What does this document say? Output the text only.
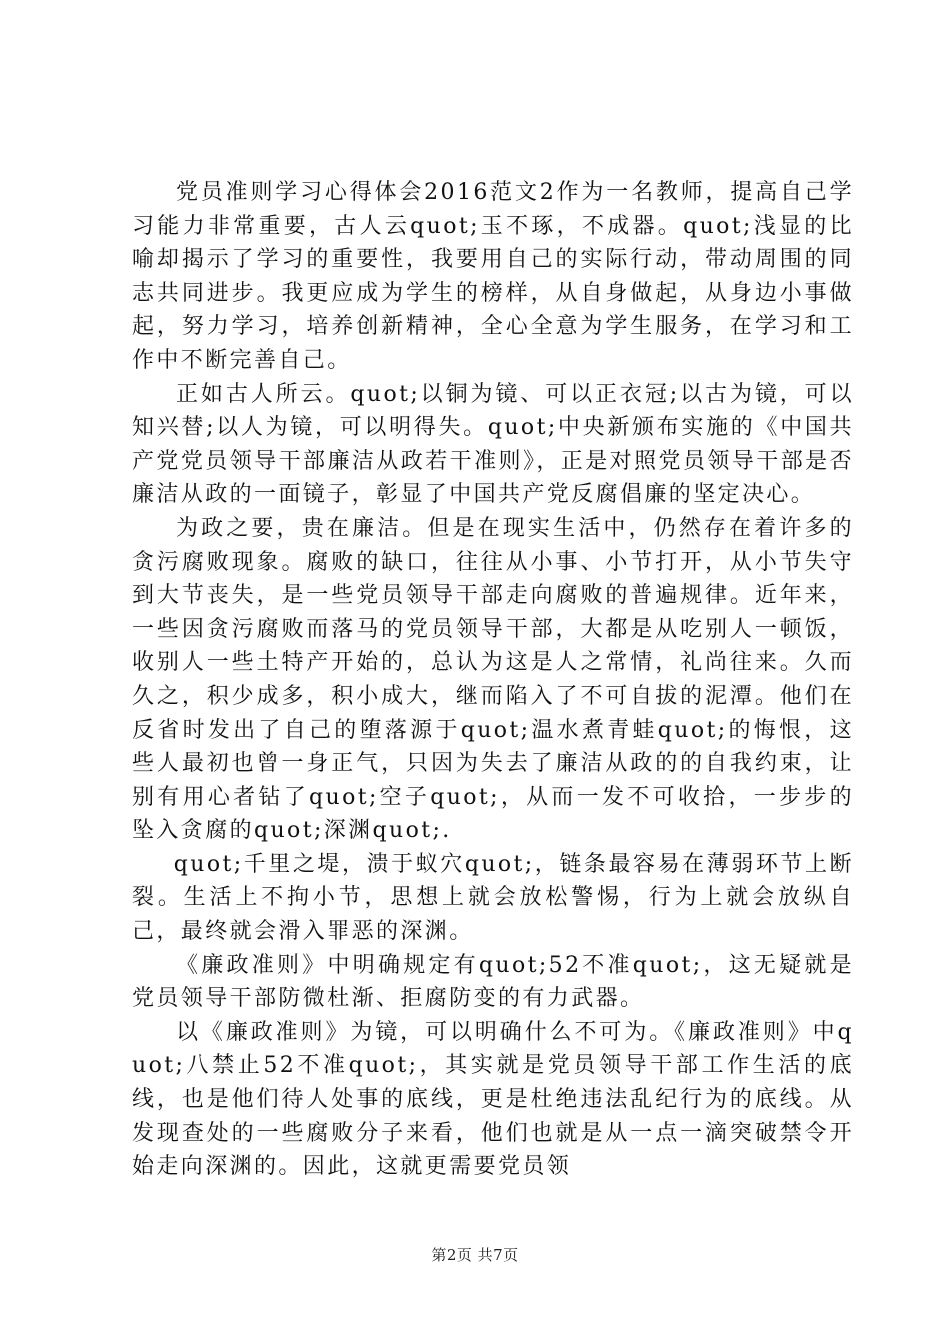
党员准则学习心得体会2016范文2作为一名教师，提高自己学习能力非常重要，古人云quot;玉不琢，不成器。quot;浅显的比喻却揭示了学习的重要性，我要用自己的实际行动，带动周围的同志共同进步。我更应成为学生的榜样，从自身做起，从身边小事做起，努力学习，培养创新精神，全心全意为学生服务，在学习和工作中不断完善自己。

正如古人所云。quot;以铜为镜、可以正衣冠;以古为镜，可以知兴替;以人为镜，可以明得失。quot;中央新颁布实施的《中国共产党党员领导干部廉洁从政若干准则》，正是对照党员领导干部是否廉洁从政的一面镜子，彰显了中国共产党反腐倡廉的坚定决心。

为政之要，贵在廉洁。但是在现实生活中，仍然存在着许多的贪污腐败现象。腐败的缺口，往往从小事、小节打开，从小节失守到大节丧失，是一些党员领导干部走向腐败的普遍规律。近年来，一些因贪污腐败而落马的党员领导干部，大都是从吃别人一顿饭，收别人一些土特产开始的，总认为这是人之常情，礼尚往来。久而久之，积少成多，积小成大，继而陷入了不可自拔的泥潭。他们在反省时发出了自己的堕落源于quot;温水煮青蛙quot;的悔恨，这些人最初也曾一身正气，只因为失去了廉洁从政的的自我约束，让别有用心者钻了quot;空子quot;，从而一发不可收拾，一步步的坠入贪腐的quot;深渊quot;.

quot;千里之堤，溃于蚁穴quot;，链条最容易在薄弱环节上断裂。生活上不拘小节，思想上就会放松警惕，行为上就会放纵自己，最终就会滑入罪恶的深渊。

《廉政准则》中明确规定有quot;52不准quot;，这无疑就是党员领导干部防微杜渐、拒腐防变的有力武器。

以《廉政准则》为镜，可以明确什么不可为。《廉政准则》中quot;八禁止52不准quot;，其实就是党员领导干部工作生活的底线，也是他们待人处事的底线，更是杜绝违法乱纪行为的底线。从发现查处的一些腐败分子来看，他们也就是从一点一滴突破禁令开始走向深渊的。因此，这就更需要党员领

第2页 共7页
